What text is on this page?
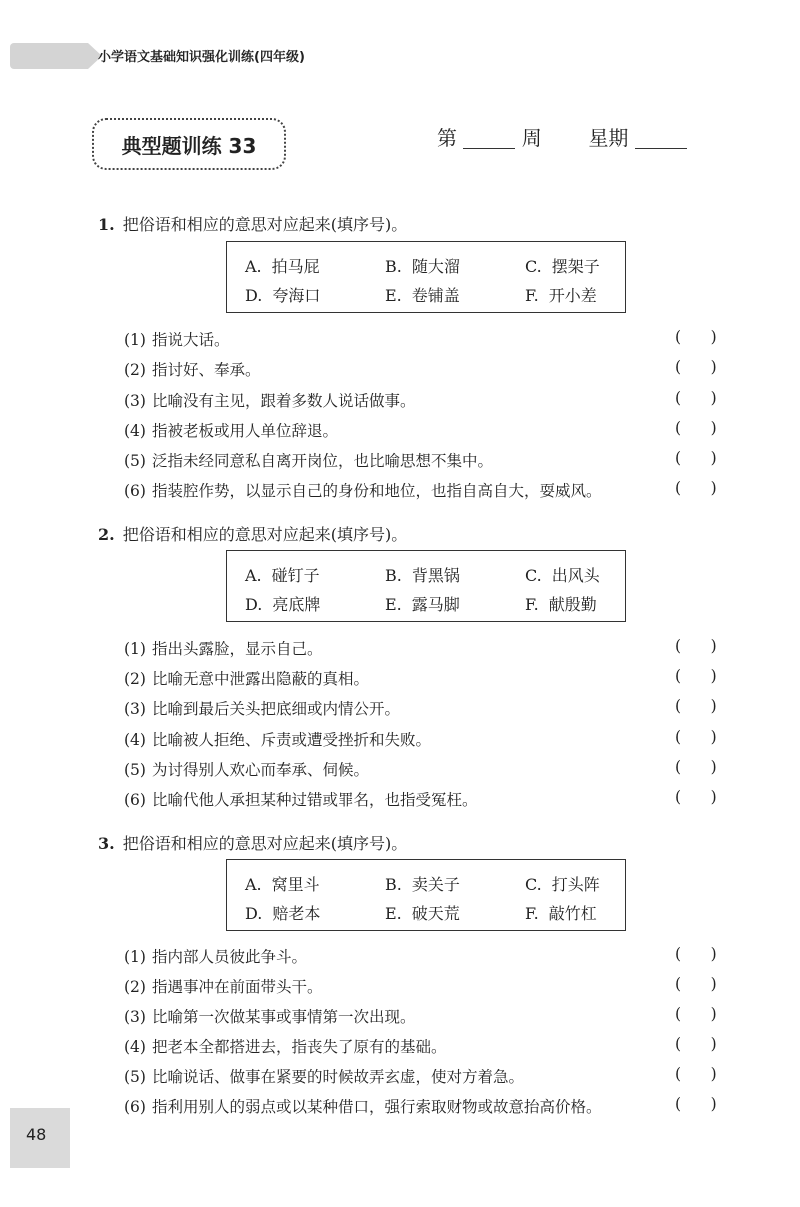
小学语文基础知识强化训练(四年级)
典型题训练 33	第	周 星期
1. 把俗语和相应的意思对应起来(填序号)。
A. 拍马屁	B. 随大溜	C. 摆架子
D. 夸海口	E. 卷铺盖	F. 开小差
(1) 指说大话。	(      )
(2) 指讨好、奉承。	(      )
(3) 比喻没有主见，跟着多数人说话做事。	(      )
(4) 指被老板或用人单位辞退。	(      )
(5) 泛指未经同意私自离开岗位，也比喻思想不集中。	(      )
(6) 指装腔作势，以显示自己的身份和地位，也指自高自大，耍威风。	(      )
2. 把俗语和相应的意思对应起来(填序号)。
A. 碰钉子	B. 背黑锅	C. 出风头
D. 亮底牌	E. 露马脚	F. 献殷勤
(1) 指出头露脸，显示自己。	(      )
(2) 比喻无意中泄露出隐蔽的真相。	(      )
(3) 比喻到最后关头把底细或内情公开。	(      )
(4) 比喻被人拒绝、斥责或遭受挫折和失败。	(      )
(5) 为讨得别人欢心而奉承、伺候。	(      )
(6) 比喻代他人承担某种过错或罪名，也指受冤枉。	(      )
3. 把俗语和相应的意思对应起来(填序号)。
A. 窝里斗	B. 卖关子	C. 打头阵
D. 赔老本	E. 破天荒	F. 敲竹杠
(1) 指内部人员彼此争斗。	(      )
(2) 指遇事冲在前面带头干。	(      )
(3) 比喻第一次做某事或事情第一次出现。	(      )
(4) 把老本全都搭进去，指丧失了原有的基础。	(      )
(5) 比喻说话、做事在紧要的时候故弄玄虚，使对方着急。	(      )
(6) 指利用别人的弱点或以某种借口，强行索取财物或故意抬高价格。	(      )
48
